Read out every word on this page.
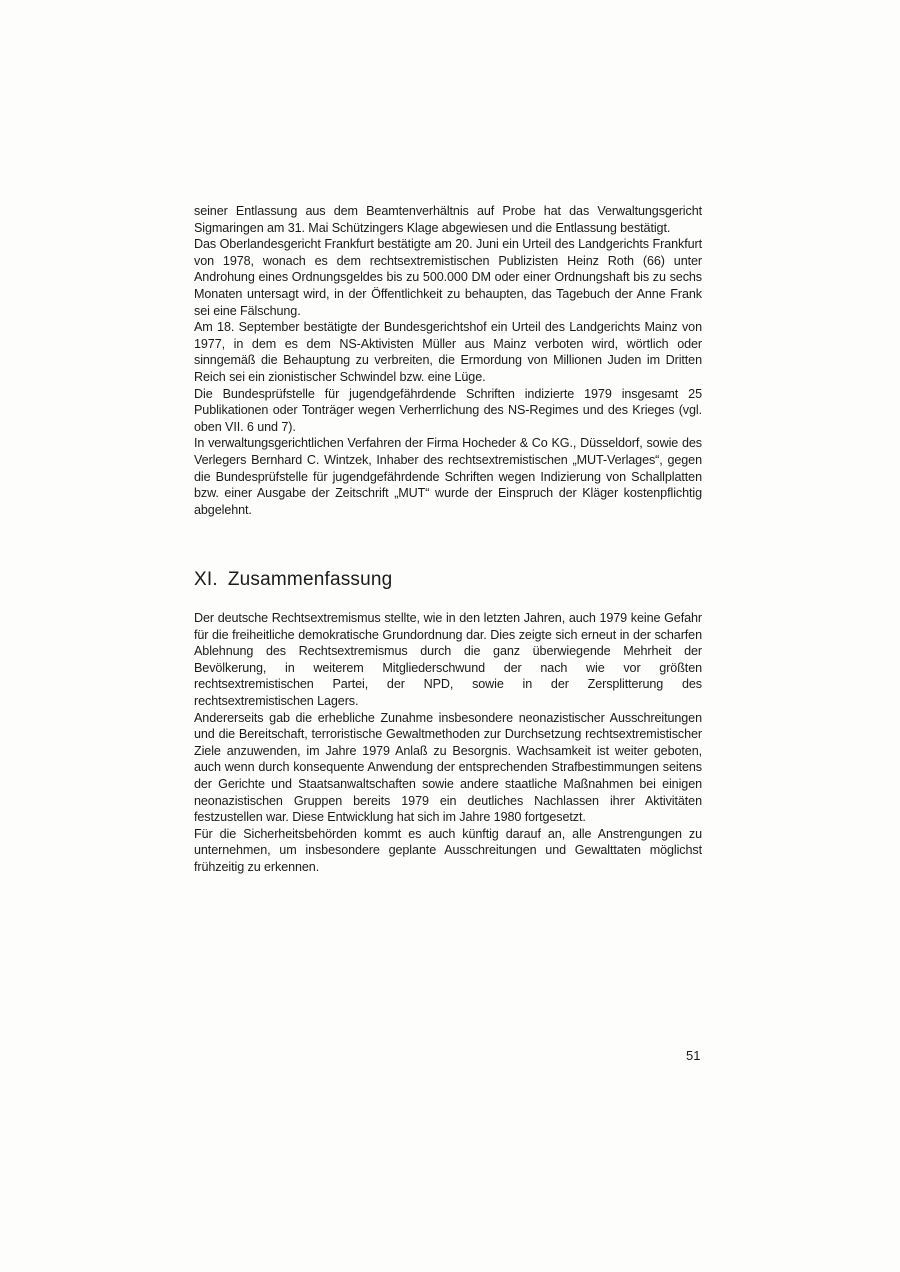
seiner Entlassung aus dem Beamtenverhältnis auf Probe hat das Verwaltungsgericht Sigmaringen am 31. Mai Schützingers Klage abgewiesen und die Entlassung bestätigt.

Das Oberlandesgericht Frankfurt bestätigte am 20. Juni ein Urteil des Landgerichts Frankfurt von 1978, wonach es dem rechtsextremistischen Publizisten Heinz Roth (66) unter Androhung eines Ordnungsgeldes bis zu 500.000 DM oder einer Ordnungshaft bis zu sechs Monaten untersagt wird, in der Öffentlichkeit zu behaupten, das Tagebuch der Anne Frank sei eine Fälschung.

Am 18. September bestätigte der Bundesgerichtshof ein Urteil des Landgerichts Mainz von 1977, in dem es dem NS-Aktivisten Müller aus Mainz verboten wird, wörtlich oder sinngemäß die Behauptung zu verbreiten, die Ermordung von Millionen Juden im Dritten Reich sei ein zionistischer Schwindel bzw. eine Lüge.

Die Bundesprüfstelle für jugendgefährdende Schriften indizierte 1979 insgesamt 25 Publikationen oder Tonträger wegen Verherrlichung des NS-Regimes und des Krieges (vgl. oben VII. 6 und 7).

In verwaltungsgerichtlichen Verfahren der Firma Hocheder & Co KG., Düsseldorf, sowie des Verlegers Bernhard C. Wintzek, Inhaber des rechtsextremistischen „MUT-Verlages“, gegen die Bundesprüfstelle für jugendgefährdende Schriften wegen Indizierung von Schallplatten bzw. einer Ausgabe der Zeitschrift „MUT“ wurde der Einspruch der Kläger kostenpflichtig abgelehnt.

XI. Zusammenfassung

Der deutsche Rechtsextremismus stellte, wie in den letzten Jahren, auch 1979 keine Gefahr für die freiheitliche demokratische Grundordnung dar. Dies zeigte sich erneut in der scharfen Ablehnung des Rechtsextremismus durch die ganz überwiegende Mehrheit der Bevölkerung, in weiterem Mitgliederschwund der nach wie vor größten rechtsextremistischen Partei, der NPD, sowie in der Zersplitterung des rechtsextremistischen Lagers.

Andererseits gab die erhebliche Zunahme insbesondere neonazistischer Ausschreitungen und die Bereitschaft, terroristische Gewaltmethoden zur Durchsetzung rechtsextremistischer Ziele anzuwenden, im Jahre 1979 Anlaß zu Besorgnis. Wachsamkeit ist weiter geboten, auch wenn durch konsequente Anwendung der entsprechenden Strafbestimmungen seitens der Gerichte und Staatsanwaltschaften sowie andere staatliche Maßnahmen bei einigen neonazistischen Gruppen bereits 1979 ein deutliches Nachlassen ihrer Aktivitäten festzustellen war. Diese Entwicklung hat sich im Jahre 1980 fortgesetzt.

Für die Sicherheitsbehörden kommt es auch künftig darauf an, alle Anstrengungen zu unternehmen, um insbesondere geplante Ausschreitungen und Gewalttaten möglichst frühzeitig zu erkennen.

51
